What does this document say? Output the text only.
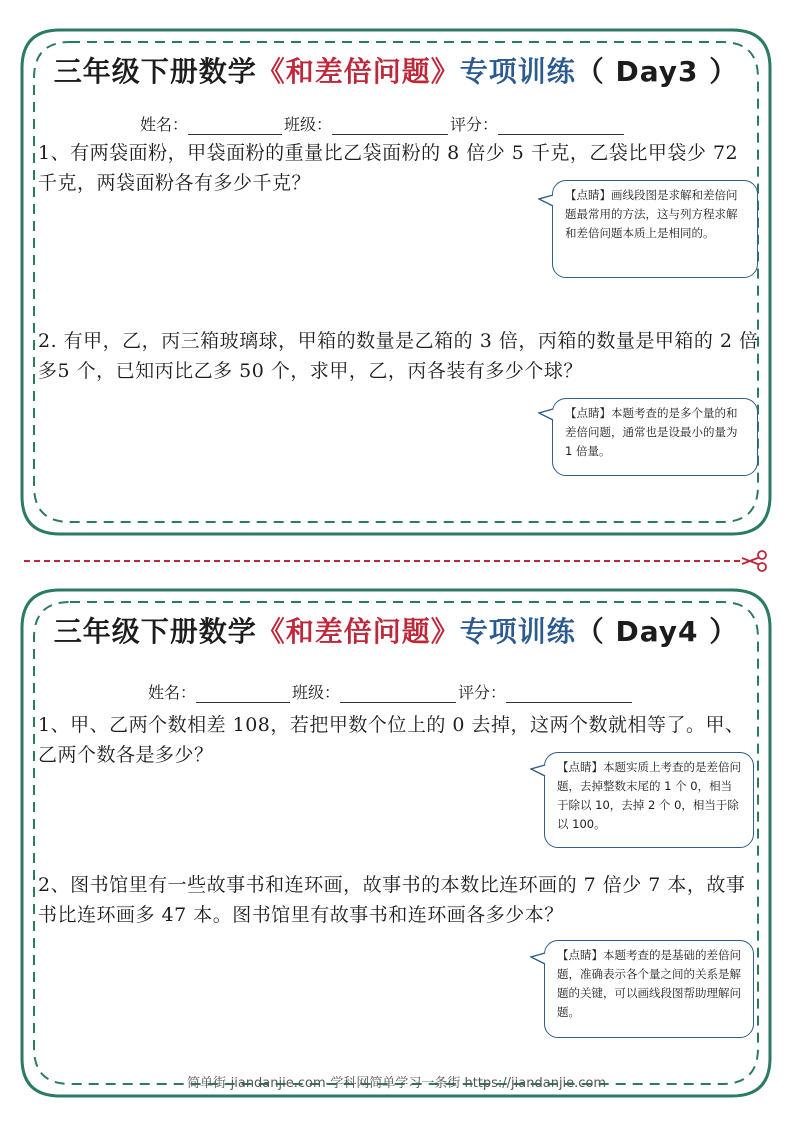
三年级下册数学《和差倍问题》专项训练（ Day3 ）
姓名：	班级：	评分：
1、有两袋面粉，甲袋面粉的重量比乙袋面粉的 8 倍少 5 千克，乙袋比甲袋少 72 千克，两袋面粉各有多少千克？
【点睛】画线段图是求解和差倍问题最常用的方法，这与列方程求解和差倍问题本质上是相同的。
2. 有甲，乙，丙三箱玻璃球，甲箱的数量是乙箱的 3 倍，丙箱的数量是甲箱的 2 倍多5 个，已知丙比乙多 50 个，求甲，乙，丙各装有多少个球？
【点睛】本题考查的是多个量的和差倍问题，通常也是设最小的量为 1 倍量。
三年级下册数学《和差倍问题》专项训练（ Day4 ）
姓名：	班级：	评分：
1、甲、乙两个数相差 108，若把甲数个位上的 0 去掉，这两个数就相等了。甲、乙两个数各是多少？
【点睛】本题实质上考查的是差倍问题，去掉整数末尾的 1 个 0，相当于除以 10，去掉 2 个 0，相当于除以 100。
2、图书馆里有一些故事书和连环画，故事书的本数比连环画的 7 倍少 7 本，故事书比连环画多 47 本。图书馆里有故事书和连环画各多少本？
【点睛】本题考查的是基础的差倍问题，准确表示各个量之间的关系是解题的关键，可以画线段图帮助理解问题。
简单街-jiandanjie.com-学科网简单学习一条街 https://jiandanjie.com
